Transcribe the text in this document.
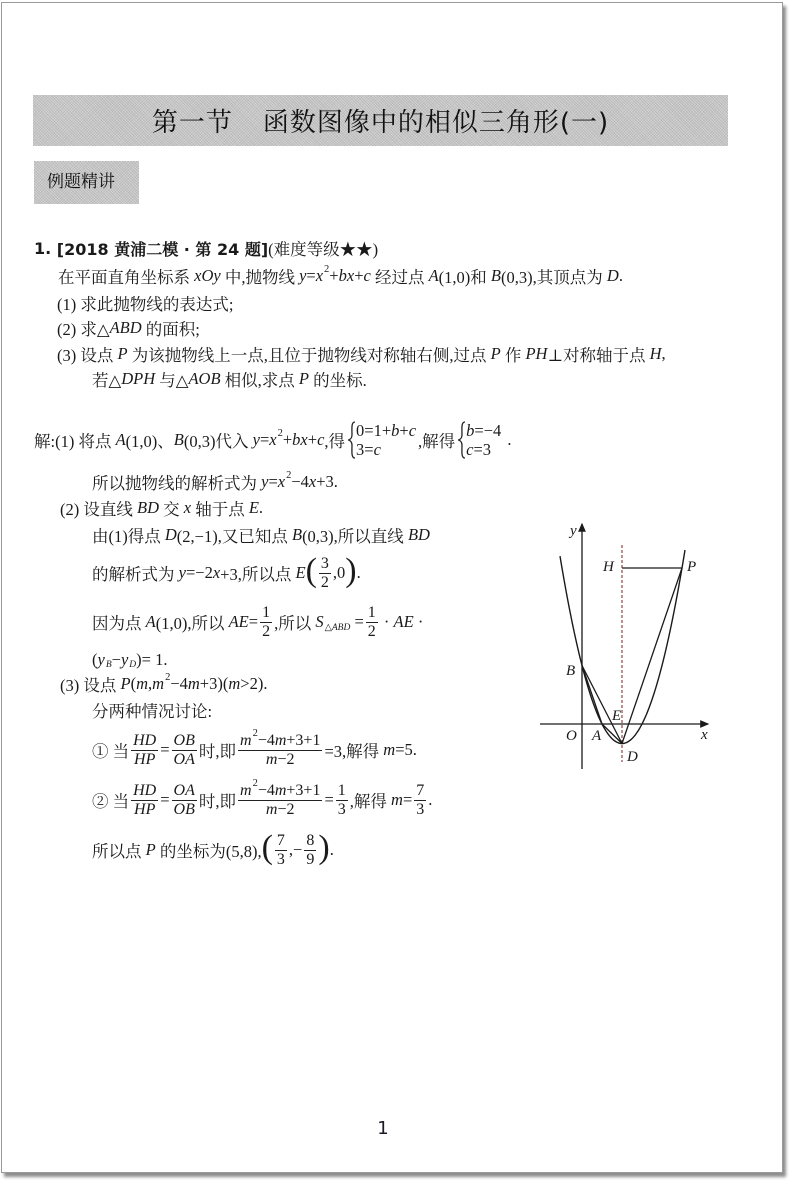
第一节 函数图像中的相似三角形(一)
例题精讲
1. [2018 黄浦二模 · 第 24 题] (难度等级★★)
在平面直角坐标系 xOy 中,抛物线 y = x 2 + bx + c 经过点 A (1,0)和 B (0,3),其顶点为 D .
(1) 求此抛物线的表达式;
(2) 求△ ABD 的面积;
(3) 设点 P 为该抛物线上一点,且位于抛物线对称轴右侧,过点 P 作 PH ⊥对称轴于点 H ,
若△ DPH 与△ AOB 相似,求点 P 的坐标.
解:(1) 将点 A (1,0)、 B (0,3)代入 y = x 2 + bx + c ,得
0=1+ b + c
3= c ,解得
b =−4
c =3
.
所以抛物线的解析式为 y = x 2 −4 x +3.
(2) 设直线 BD 交 x 轴于点 E .
由(1)得点 D (2,−1),又已知点 B (0,3),所以直线 BD
的解析式为 y =−2 x +3,所以点 E ( $\frac{3}{2} ,0$ ) .
因为点 A (1,0),所以 AE = $\frac{1}{2}$ ,所以 S △ABD = $\frac{1}{2}$ · AE ·
( y B − y D )= 1.
(3) 设点 P ( m , m 2 −4 m +3)( m >2).
分两种情况讨论:
① 当 $\frac{HD}{HP} = \frac{OB}{OA}$ 时,即 $\frac{m 2 -4 m +3+1}{m -2} =3$,解得 m =5.
② 当 $\frac{HD}{HP} = \frac{OA}{OB}$ 时,即 $\frac{m 2 -4 m +3+1}{m -2} = \frac{1}{3}$ ,解得 $m = \frac{7}{3}$ .
所以点 P 的坐标为(5,8), ( $\frac{7}{3}$ ,− $\frac{8}{9}$ ) .
y
x
O A
B
E
D
H	P
1
